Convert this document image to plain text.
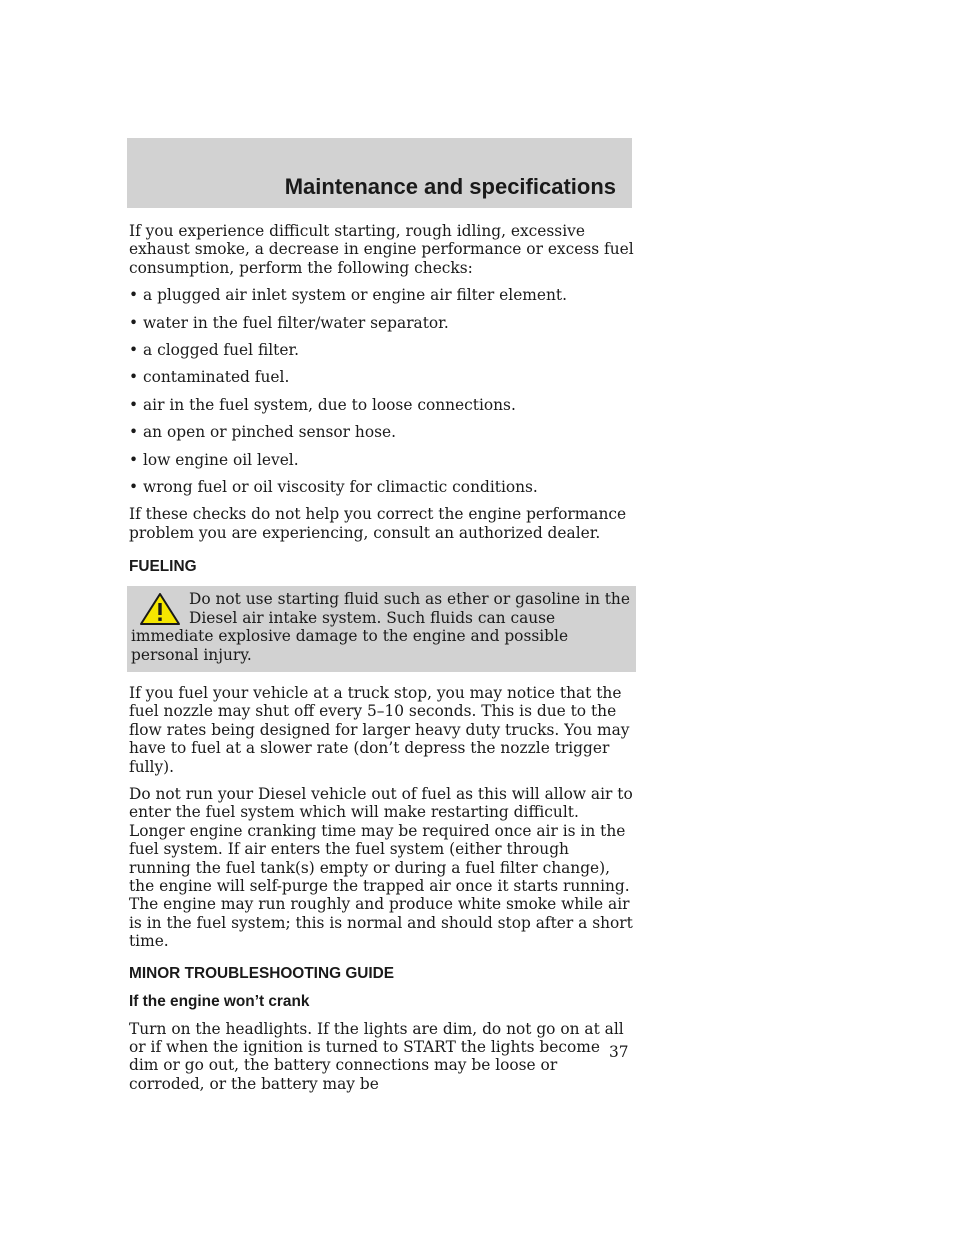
Maintenance and specifications

If you experience difficult starting, rough idling, excessive exhaust smoke, a decrease in engine performance or excess fuel consumption, perform the following checks:

• a plugged air inlet system or engine air filter element.
• water in the fuel filter/water separator.
• a clogged fuel filter.
• contaminated fuel.
• air in the fuel system, due to loose connections.
• an open or pinched sensor hose.
• low engine oil level.
• wrong fuel or oil viscosity for climactic conditions.

If these checks do not help you correct the engine performance problem you are experiencing, consult an authorized dealer.

FUELING
Do not use starting fluid such as ether or gasoline in the Diesel air intake system. Such fluids can cause immediate explosive damage to the engine and possible personal injury.

If you fuel your vehicle at a truck stop, you may notice that the fuel nozzle may shut off every 5–10 seconds. This is due to the flow rates being designed for larger heavy duty trucks. You may have to fuel at a slower rate (don’t depress the nozzle trigger fully).

Do not run your Diesel vehicle out of fuel as this will allow air to enter the fuel system which will make restarting difficult. Longer engine cranking time may be required once air is in the fuel system. If air enters the fuel system (either through running the fuel tank(s) empty or during a fuel filter change), the engine will self-purge the trapped air once it starts running. The engine may run roughly and produce white smoke while air is in the fuel system; this is normal and should stop after a short time.

MINOR TROUBLESHOOTING GUIDE
If the engine won’t crank

Turn on the headlights. If the lights are dim, do not go on at all or if when the ignition is turned to START the lights become dim or go out, the battery connections may be loose or corroded, or the battery may be

37
